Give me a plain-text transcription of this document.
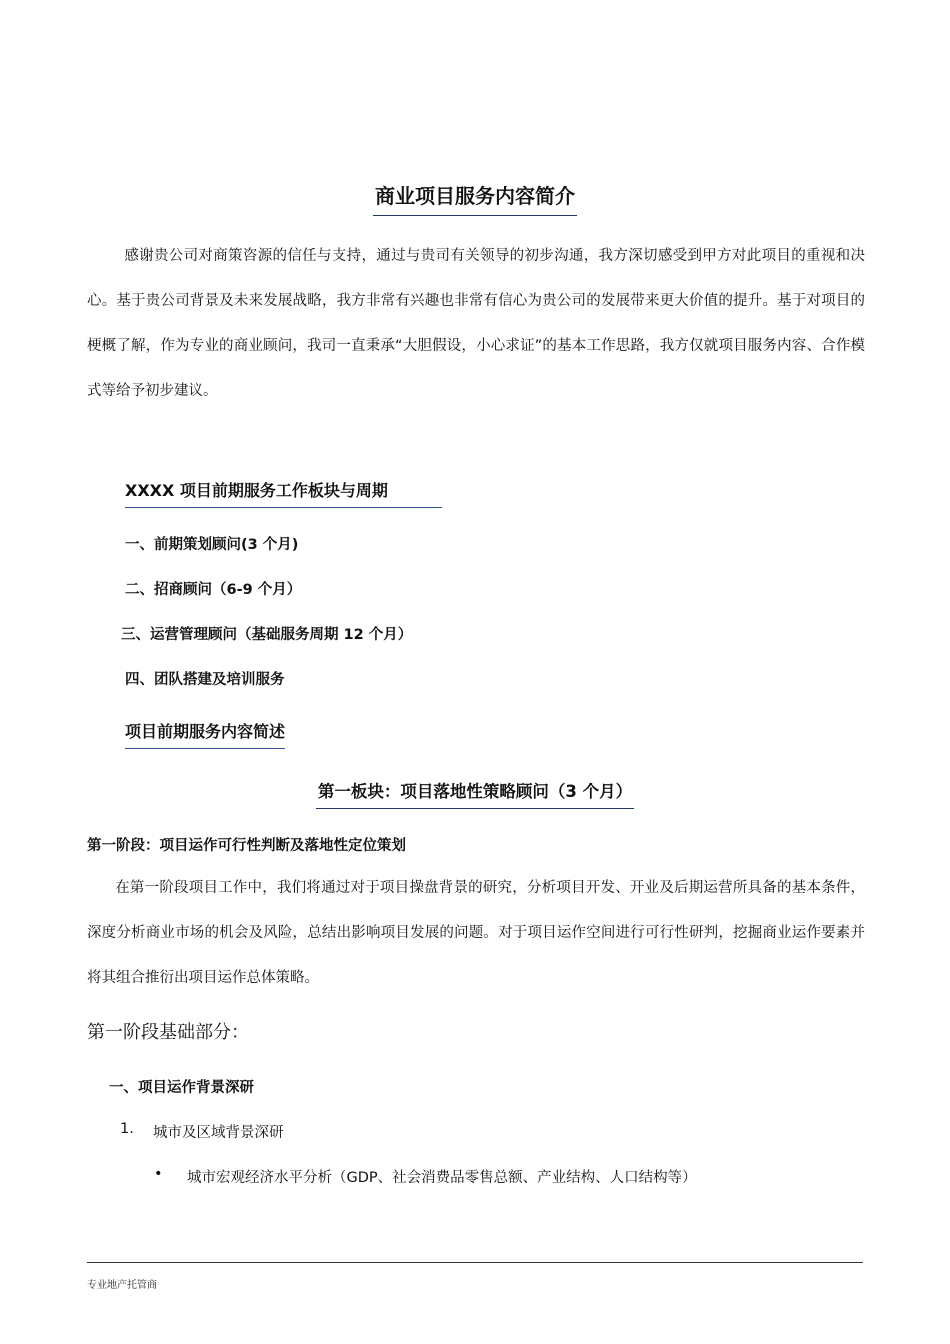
商业项目服务内容简介
感谢贵公司对商策咨源的信任与支持，通过与贵司有关领导的初步沟通，我方深切感受到甲方对此项目的重视和决心。基于贵公司背景及未来发展战略，我方非常有兴趣也非常有信心为贵公司的发展带来更大价值的提升。基于对项目的梗概了解，作为专业的商业顾问，我司一直秉承“大胆假设，小心求证”的基本工作思路，我方仅就项目服务内容、合作模式等给予初步建议。
XXXX 项目前期服务工作板块与周期
一、前期策划顾问(3 个月)
二、招商顾问（6-9 个月）
三、运营管理顾问（基础服务周期 12 个月）
四、团队搭建及培训服务
项目前期服务内容简述
第一板块：项目落地性策略顾问（3 个月）
第一阶段：项目运作可行性判断及落地性定位策划
在第一阶段项目工作中，我们将通过对于项目操盘背景的研究，分析项目开发、开业及后期运营所具备的基本条件，深度分析商业市场的机会及风险，总结出影响项目发展的问题。对于项目运作空间进行可行性研判，挖掘商业运作要素并将其组合推衍出项目运作总体策略。
第一阶段基础部分：
一、项目运作背景深研
1. 城市及区域背景深研
• 城市宏观经济水平分析（GDP、社会消费品零售总额、产业结构、人口结构等）
专业地产托管商
